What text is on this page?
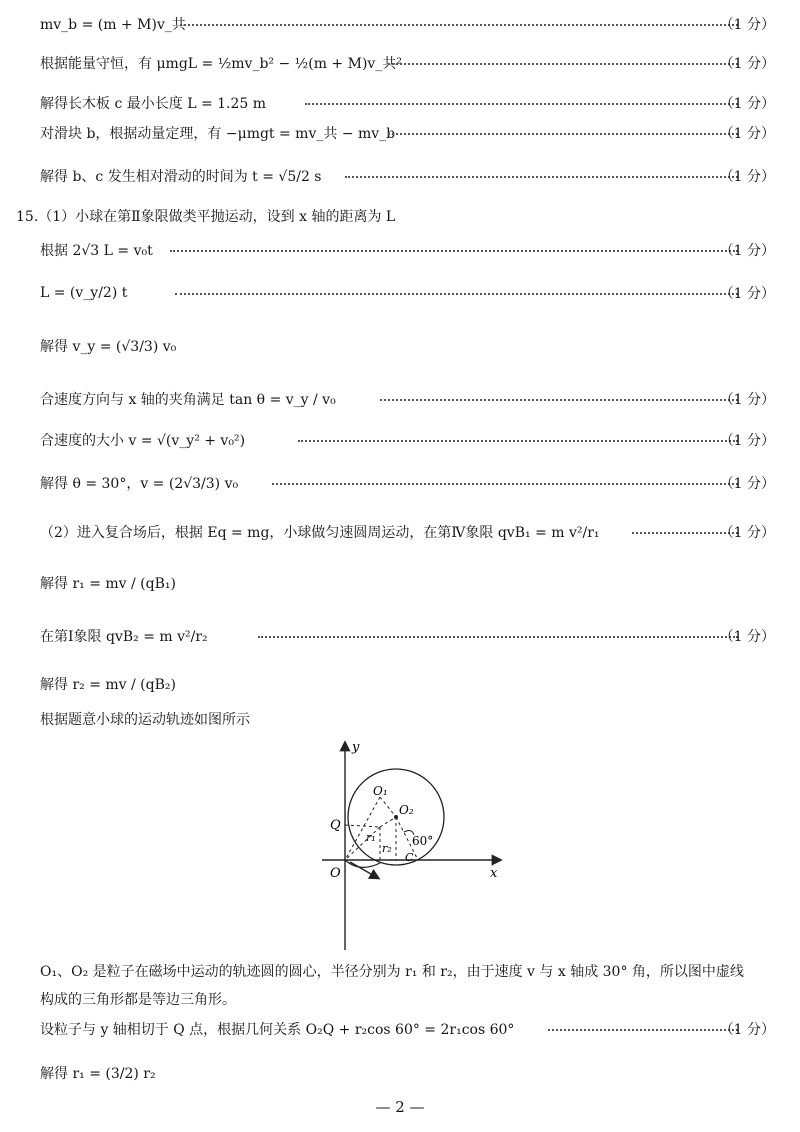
mv_b = (m + M)v_共	（1 分）
根据能量守恒，有 μmgL = ½mv_b² − ½(m + M)v_共²	（1 分）
解得长木板 c 最小长度 L = 1.25 m	（1 分）
对滑块 b，根据动量定理，有 −μmgt = mv_共 − mv_b	（1 分）
解得 b、c 发生相对滑动的时间为 t = √5/2 s	（1 分）
15.（1）小球在第Ⅱ象限做类平抛运动，设到 x 轴的距离为 L
根据 2√3 L = v₀t	（1 分）
L = (v_y/2) t	（1 分）
解得 v_y = (√3/3) v₀
合速度方向与 x 轴的夹角满足 tan θ = v_y / v₀	（1 分）
合速度的大小 v = √(v_y² + v₀²)	（1 分）
解得 θ = 30°，v = (2√3/3) v₀	（1 分）
（2）进入复合场后，根据 Eq = mg，小球做匀速圆周运动，在第Ⅳ象限 qvB₁ = m v²/r₁	（1 分）
解得 r₁ = mv / (qB₁)
在第Ⅰ象限 qvB₂ = m v²/r₂	（1 分）
解得 r₂ = mv / (qB₂)
根据题意小球的运动轨迹如图所示
y
x
O
Q
O₁
O₂
r₁
r₂
60°
C
O₁、O₂ 是粒子在磁场中运动的轨迹圆的圆心，半径分别为 r₁ 和 r₂，由于速度 v 与 x 轴成 30° 角，所以图中虚线
构成的三角形都是等边三角形。
设粒子与 y 轴相切于 Q 点，根据几何关系 O₂Q + r₂cos 60° = 2r₁cos 60°	（1 分）
解得 r₁ = (3/2) r₂
— 2 —
